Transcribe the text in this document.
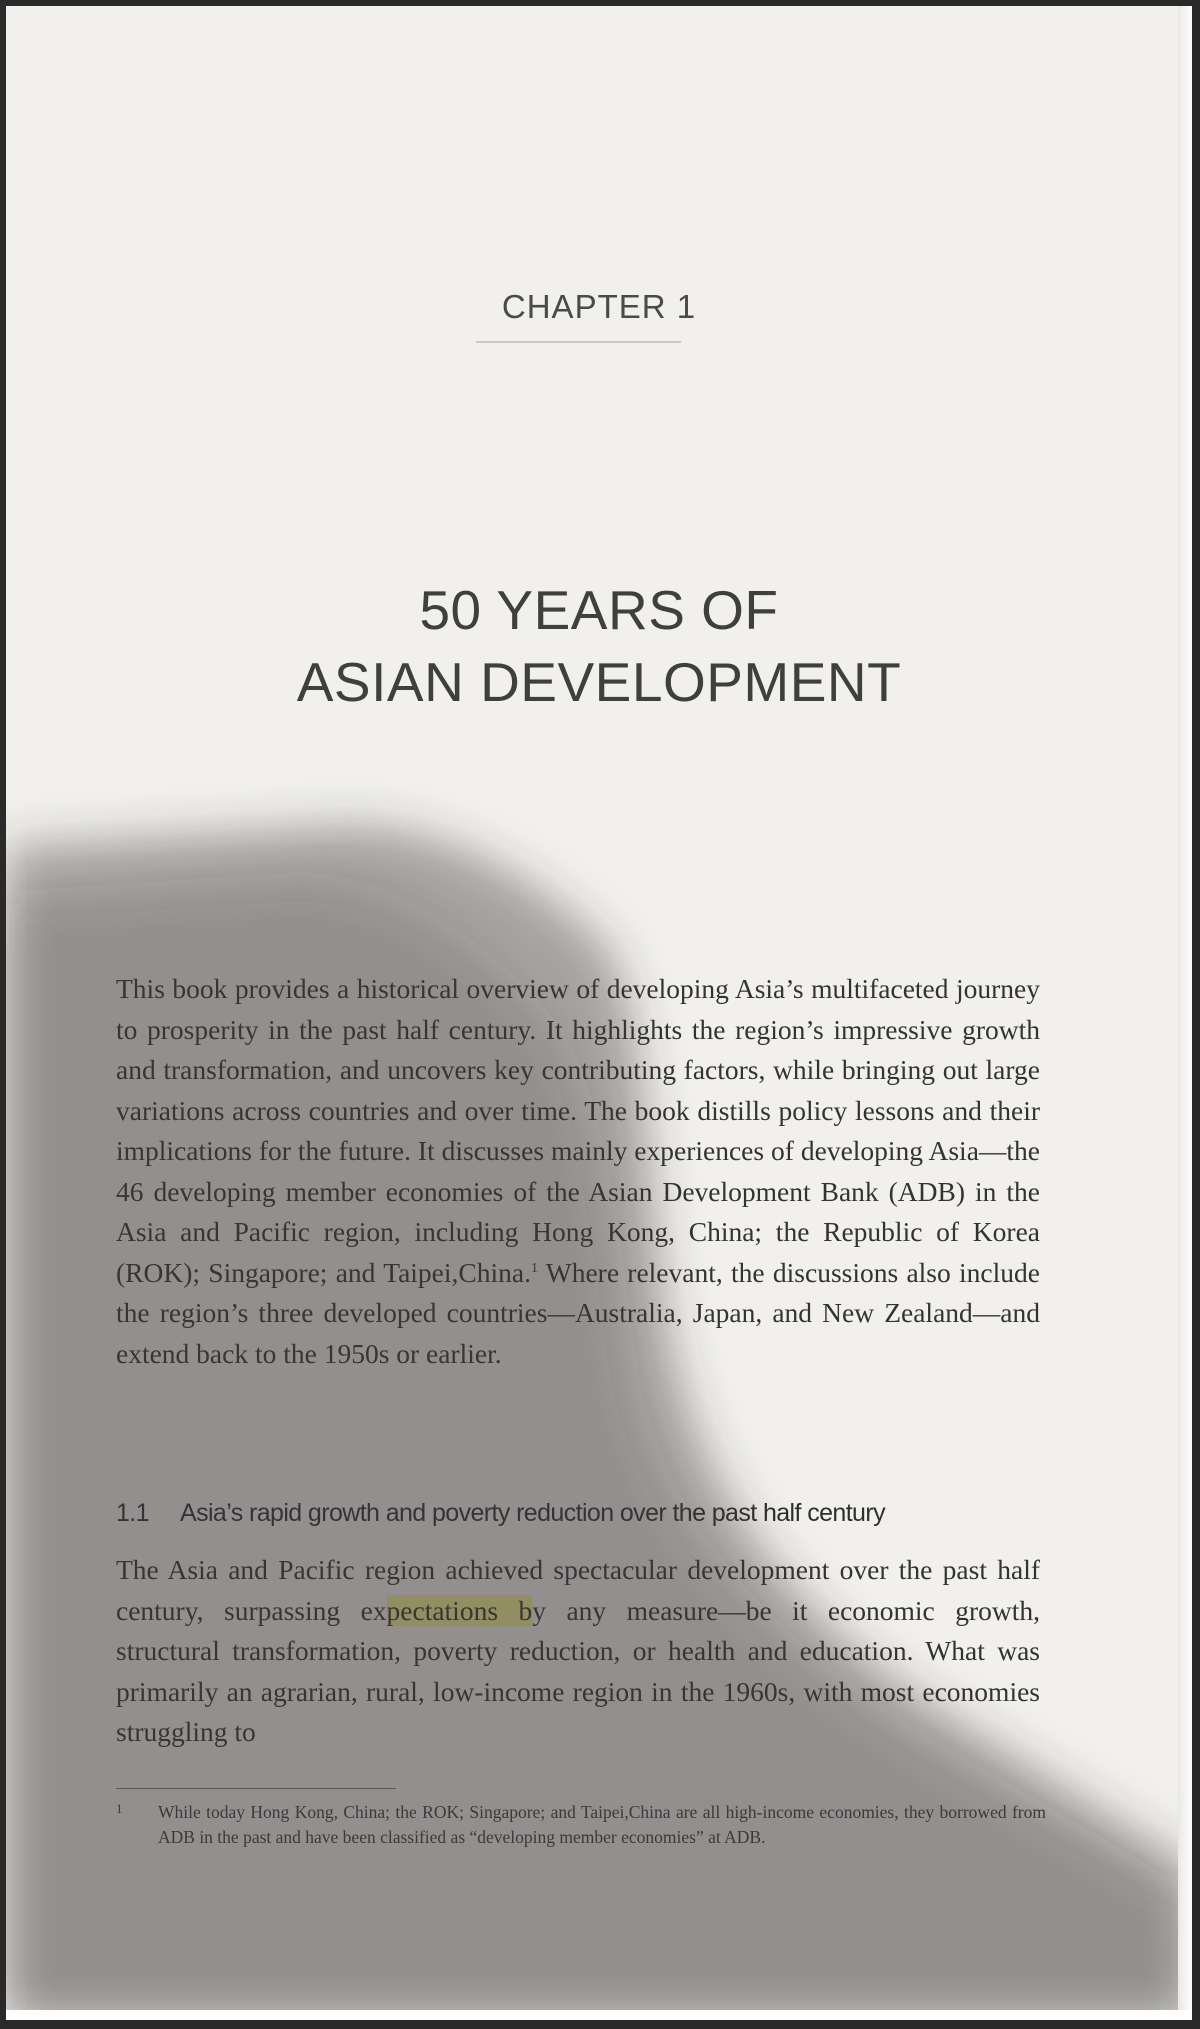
CHAPTER 1
50 YEARS OF
ASIAN DEVELOPMENT
This book provides a historical overview of developing Asia’s multifaceted journey to prosperity in the past half century. It highlights the region’s impressive growth and transformation, and uncovers key contributing factors, while bringing out large variations across countries and over time. The book distills policy lessons and their implications for the future. It discusses mainly experiences of developing Asia—the 46 developing member economies of the Asian Development Bank (ADB) in the Asia and Pacific region, including Hong Kong, China; the Republic of Korea (ROK); Singapore; and Taipei,China.$^1$ Where relevant, the discussions also include the region’s three developed countries—Australia, Japan, and New Zealand—and extend back to the 1950s or earlier.
1.1 Asia’s rapid growth and poverty reduction over the past half century
The Asia and Pacific region achieved spectacular development over the past half century, surpassing expectations by any measure—be it economic growth, structural transformation, poverty reduction, or health and education. What was primarily an agrarian, rural, low-income region in the 1960s, with most economies struggling to
1 While today Hong Kong, China; the ROK; Singapore; and Taipei,China are all high-income economies, they borrowed from ADB in the past and have been classified as “developing member economies” at ADB.
